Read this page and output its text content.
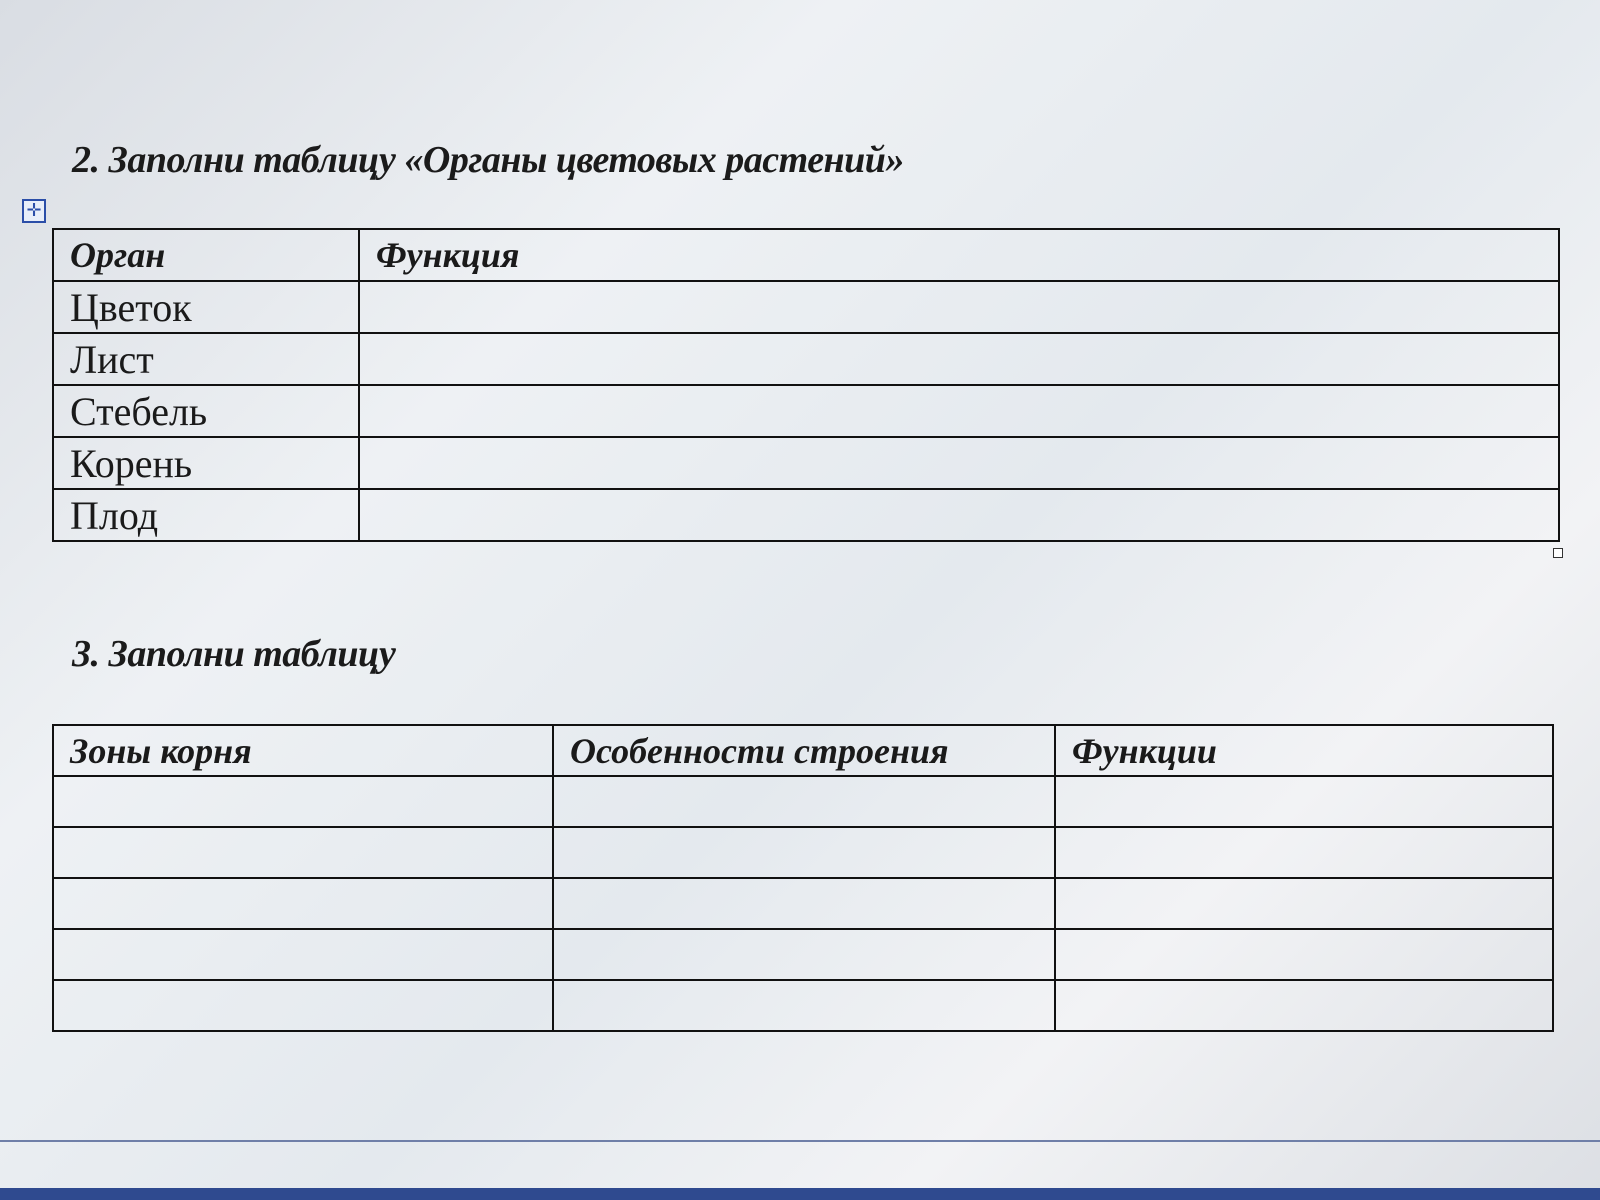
2. Заполни таблицу «Органы цветовых растений»
✛
Орган	Функция
Цветок	
Лист	
Стебель	
Корень	
Плод	
3. Заполни таблицу
Зоны корня	Особенности строения	Функции
